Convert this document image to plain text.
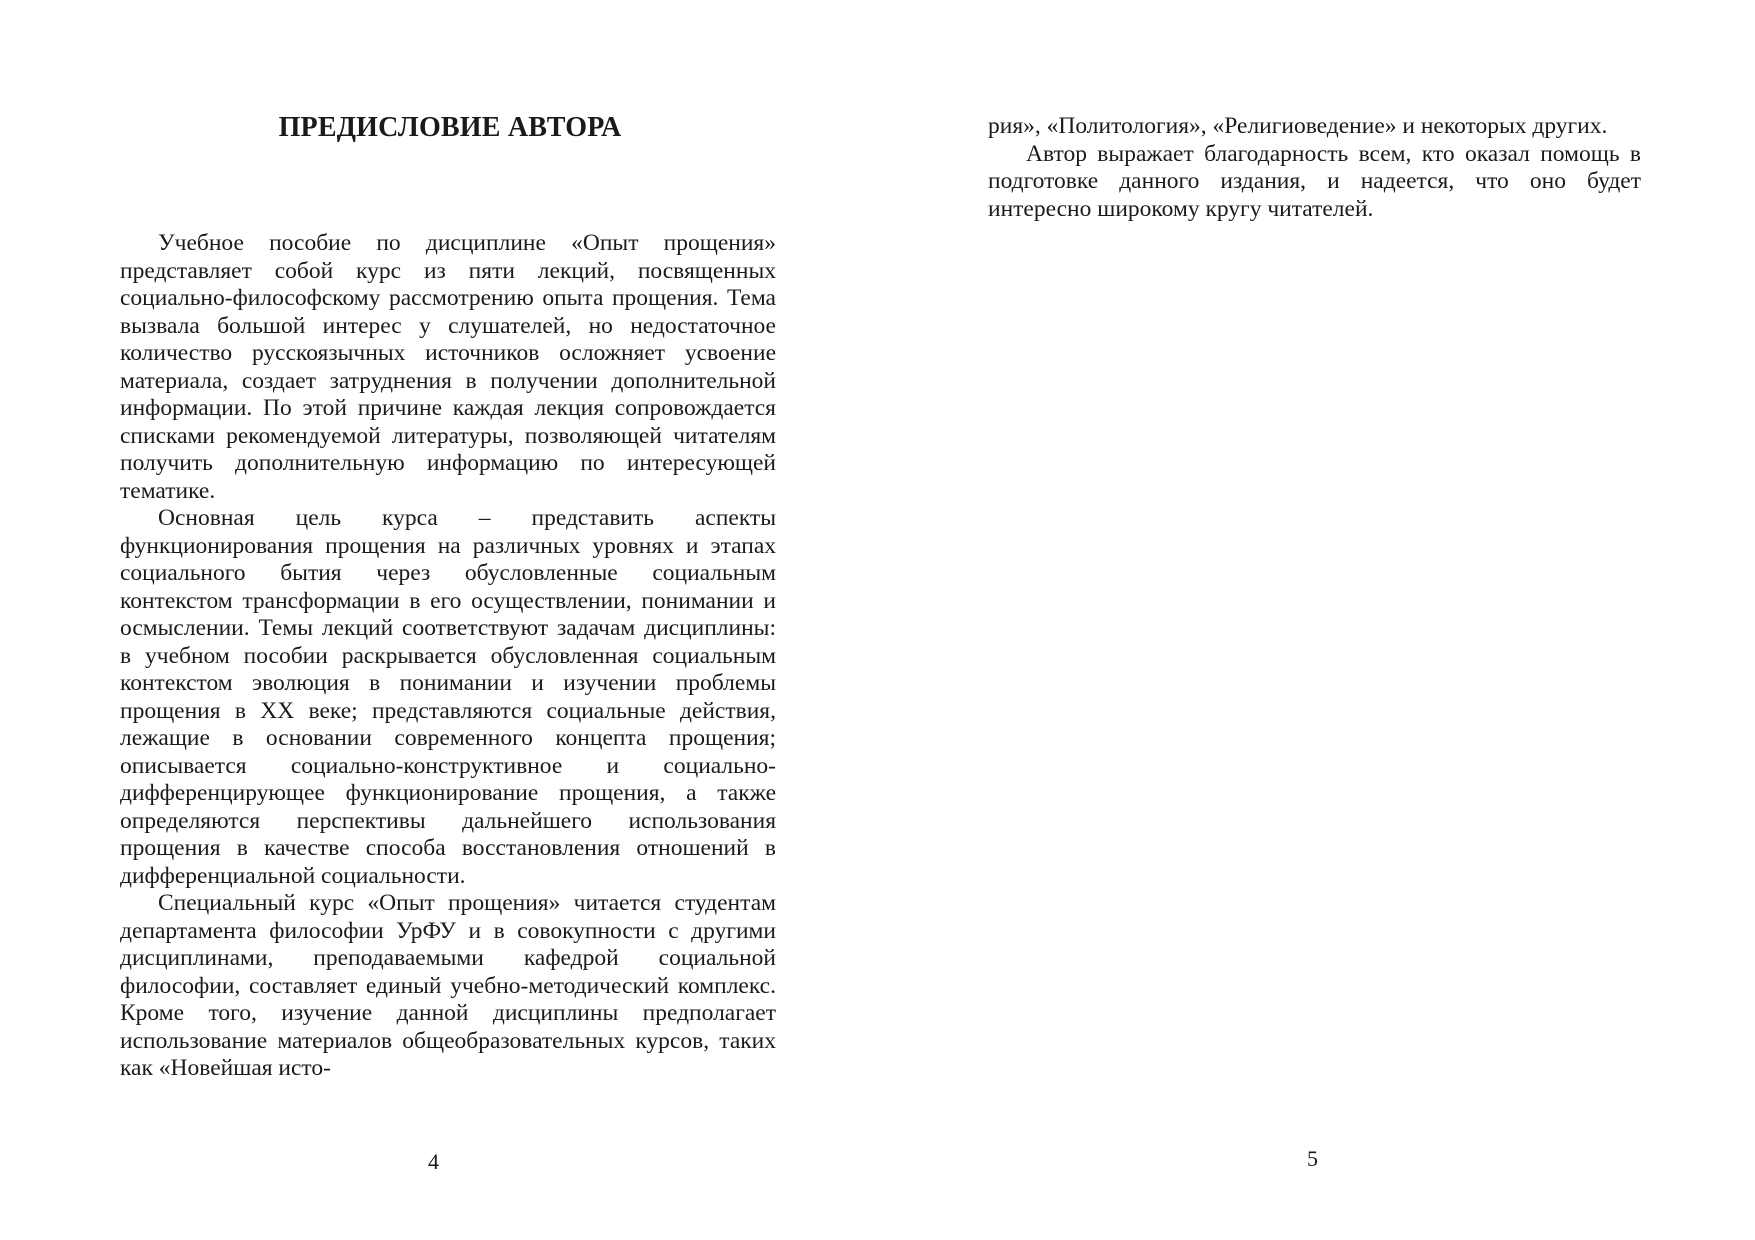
ПРЕДИСЛОВИЕ АВТОРА

Учебное пособие по дисциплине «Опыт прощения» представляет собой курс из пяти лекций, посвященных социально-философскому рассмотрению опыта прощения. Тема вызвала большой интерес у слушателей, но недостаточное количество русскоязычных источников осложняет усвоение материала, создает затруднения в получении дополнительной информации. По этой причине каждая лекция сопровождается списками рекомендуемой литературы, позволяющей читателям получить дополнительную информацию по интересующей тематике.

Основная цель курса – представить аспекты функционирования прощения на различных уровнях и этапах социального бытия через обусловленные социальным контекстом трансформации в его осуществлении, понимании и осмыслении. Темы лекций соответствуют задачам дисциплины: в учебном пособии раскрывается обусловленная социальным контекстом эволюция в понимании и изучении проблемы прощения в XX веке; представляются социальные действия, лежащие в основании современного концепта прощения; описывается социально-конструктивное и социально-дифференцирующее функционирование прощения, а также определяются перспективы дальнейшего использования прощения в качестве способа восстановления отношений в дифференциальной социальности.

Специальный курс «Опыт прощения» читается студентам департамента философии УрФУ и в совокупности с другими дисциплинами, преподаваемыми кафедрой социальной философии, составляет единый учебно-методический комплекс. Кроме того, изучение данной дисциплины предполагает использование материалов общеобразовательных курсов, таких как «Новейшая исто-

4

рия», «Политология», «Религиоведение» и некоторых других.

Автор выражает благодарность всем, кто оказал помощь в подготовке данного издания, и надеется, что оно будет интересно широкому кругу читателей.

5
